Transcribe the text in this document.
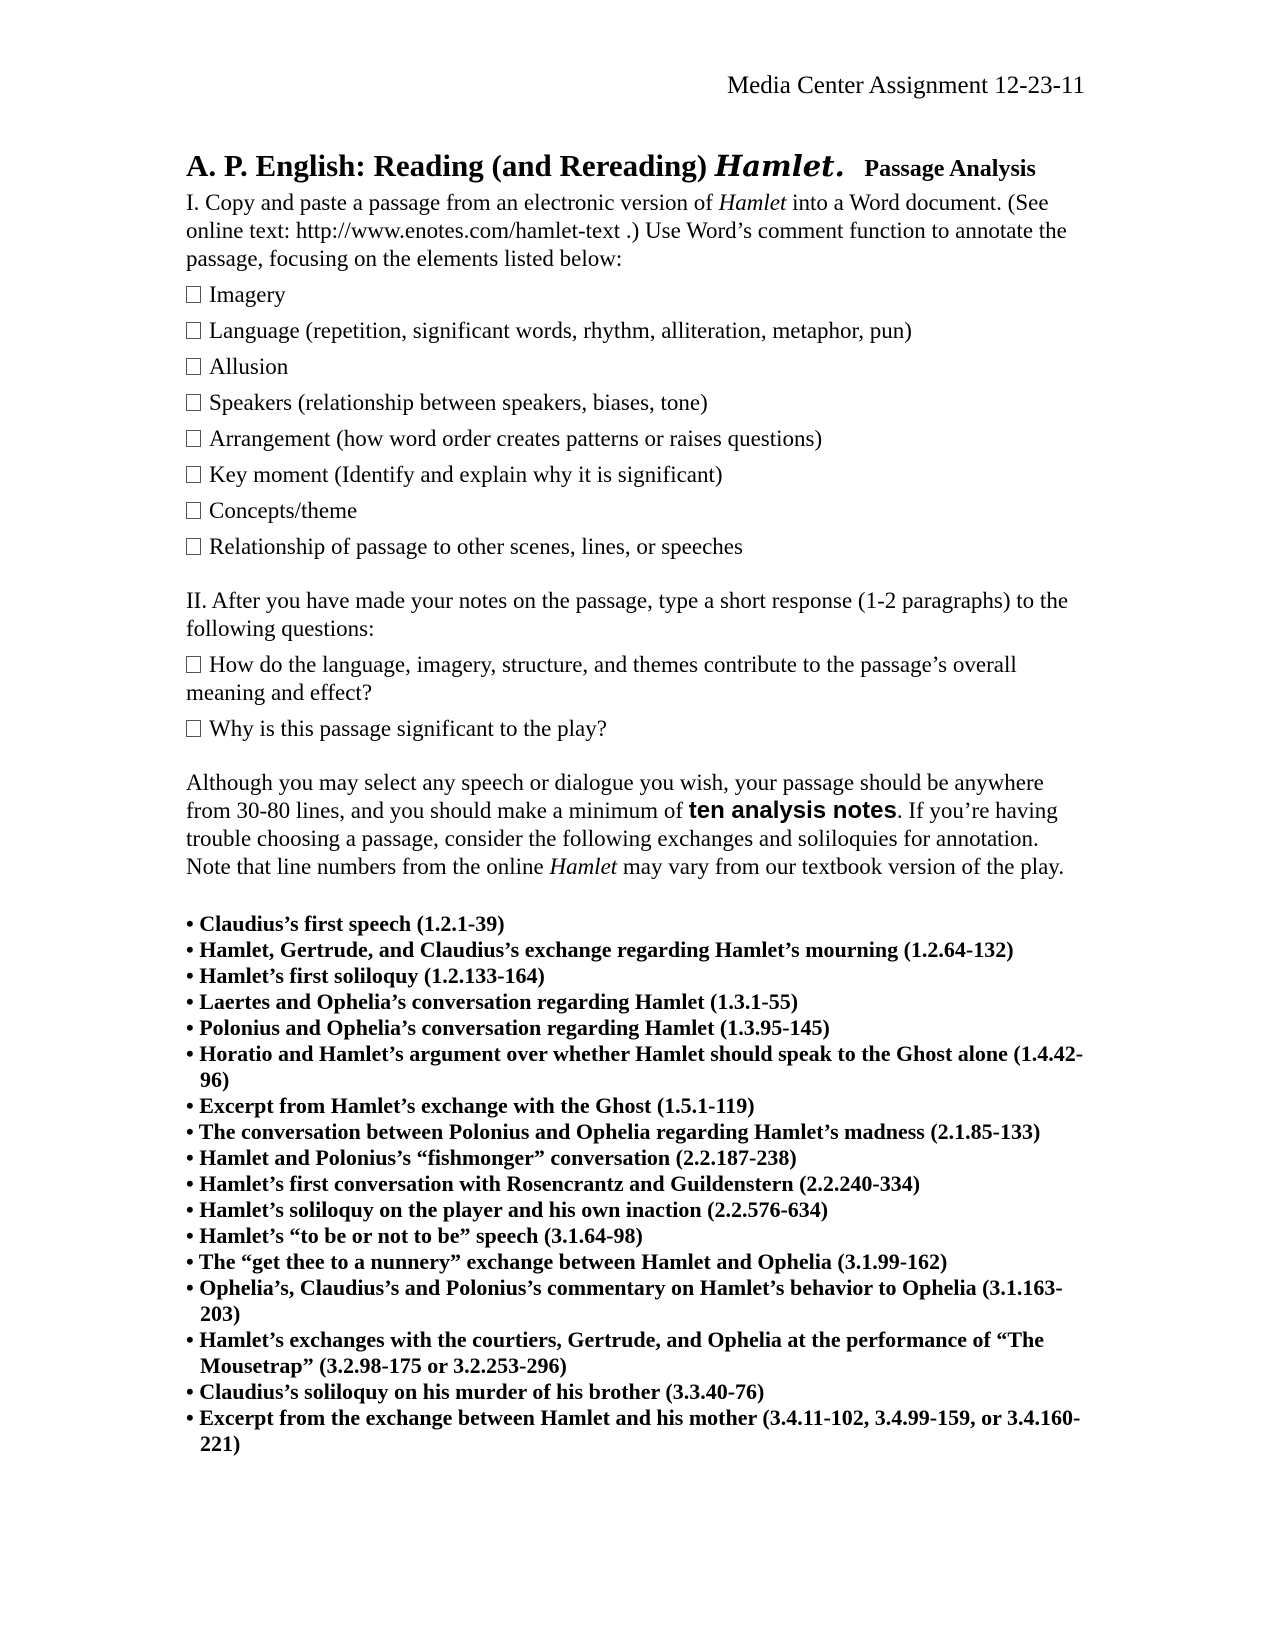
Media Center Assignment 12-23-11
A. P. English: Reading (and Rereading) Hamlet. Passage Analysis
I. Copy and paste a passage from an electronic version of Hamlet into a Word document. (See online text: http://www.enotes.com/hamlet-text .) Use Word’s comment function to annotate the passage, focusing on the elements listed below:
Imagery
Language (repetition, significant words, rhythm, alliteration, metaphor, pun)
Allusion
Speakers (relationship between speakers, biases, tone)
Arrangement (how word order creates patterns or raises questions)
Key moment (Identify and explain why it is significant)
Concepts/theme
Relationship of passage to other scenes, lines, or speeches
II. After you have made your notes on the passage, type a short response (1-2 paragraphs) to the following questions:
How do the language, imagery, structure, and themes contribute to the passage’s overall meaning and effect?
Why is this passage significant to the play?
Although you may select any speech or dialogue you wish, your passage should be anywhere from 30-80 lines, and you should make a minimum of ten analysis notes. If you’re having trouble choosing a passage, consider the following exchanges and soliloquies for annotation. Note that line numbers from the online Hamlet may vary from our textbook version of the play.
• Claudius’s first speech (1.2.1-39)
• Hamlet, Gertrude, and Claudius’s exchange regarding Hamlet’s mourning (1.2.64-132)
• Hamlet’s first soliloquy (1.2.133-164)
• Laertes and Ophelia’s conversation regarding Hamlet (1.3.1-55)
• Polonius and Ophelia’s conversation regarding Hamlet (1.3.95-145)
• Horatio and Hamlet’s argument over whether Hamlet should speak to the Ghost alone (1.4.42-96)
• Excerpt from Hamlet’s exchange with the Ghost (1.5.1-119)
• The conversation between Polonius and Ophelia regarding Hamlet’s madness (2.1.85-133)
• Hamlet and Polonius’s “fishmonger” conversation (2.2.187-238)
• Hamlet’s first conversation with Rosencrantz and Guildenstern (2.2.240-334)
• Hamlet’s soliloquy on the player and his own inaction (2.2.576-634)
• Hamlet’s “to be or not to be” speech (3.1.64-98)
• The “get thee to a nunnery” exchange between Hamlet and Ophelia (3.1.99-162)
• Ophelia’s, Claudius’s and Polonius’s commentary on Hamlet’s behavior to Ophelia (3.1.163-203)
• Hamlet’s exchanges with the courtiers, Gertrude, and Ophelia at the performance of “The Mousetrap” (3.2.98-175 or 3.2.253-296)
• Claudius’s soliloquy on his murder of his brother (3.3.40-76)
• Excerpt from the exchange between Hamlet and his mother (3.4.11-102, 3.4.99-159, or 3.4.160-221)
